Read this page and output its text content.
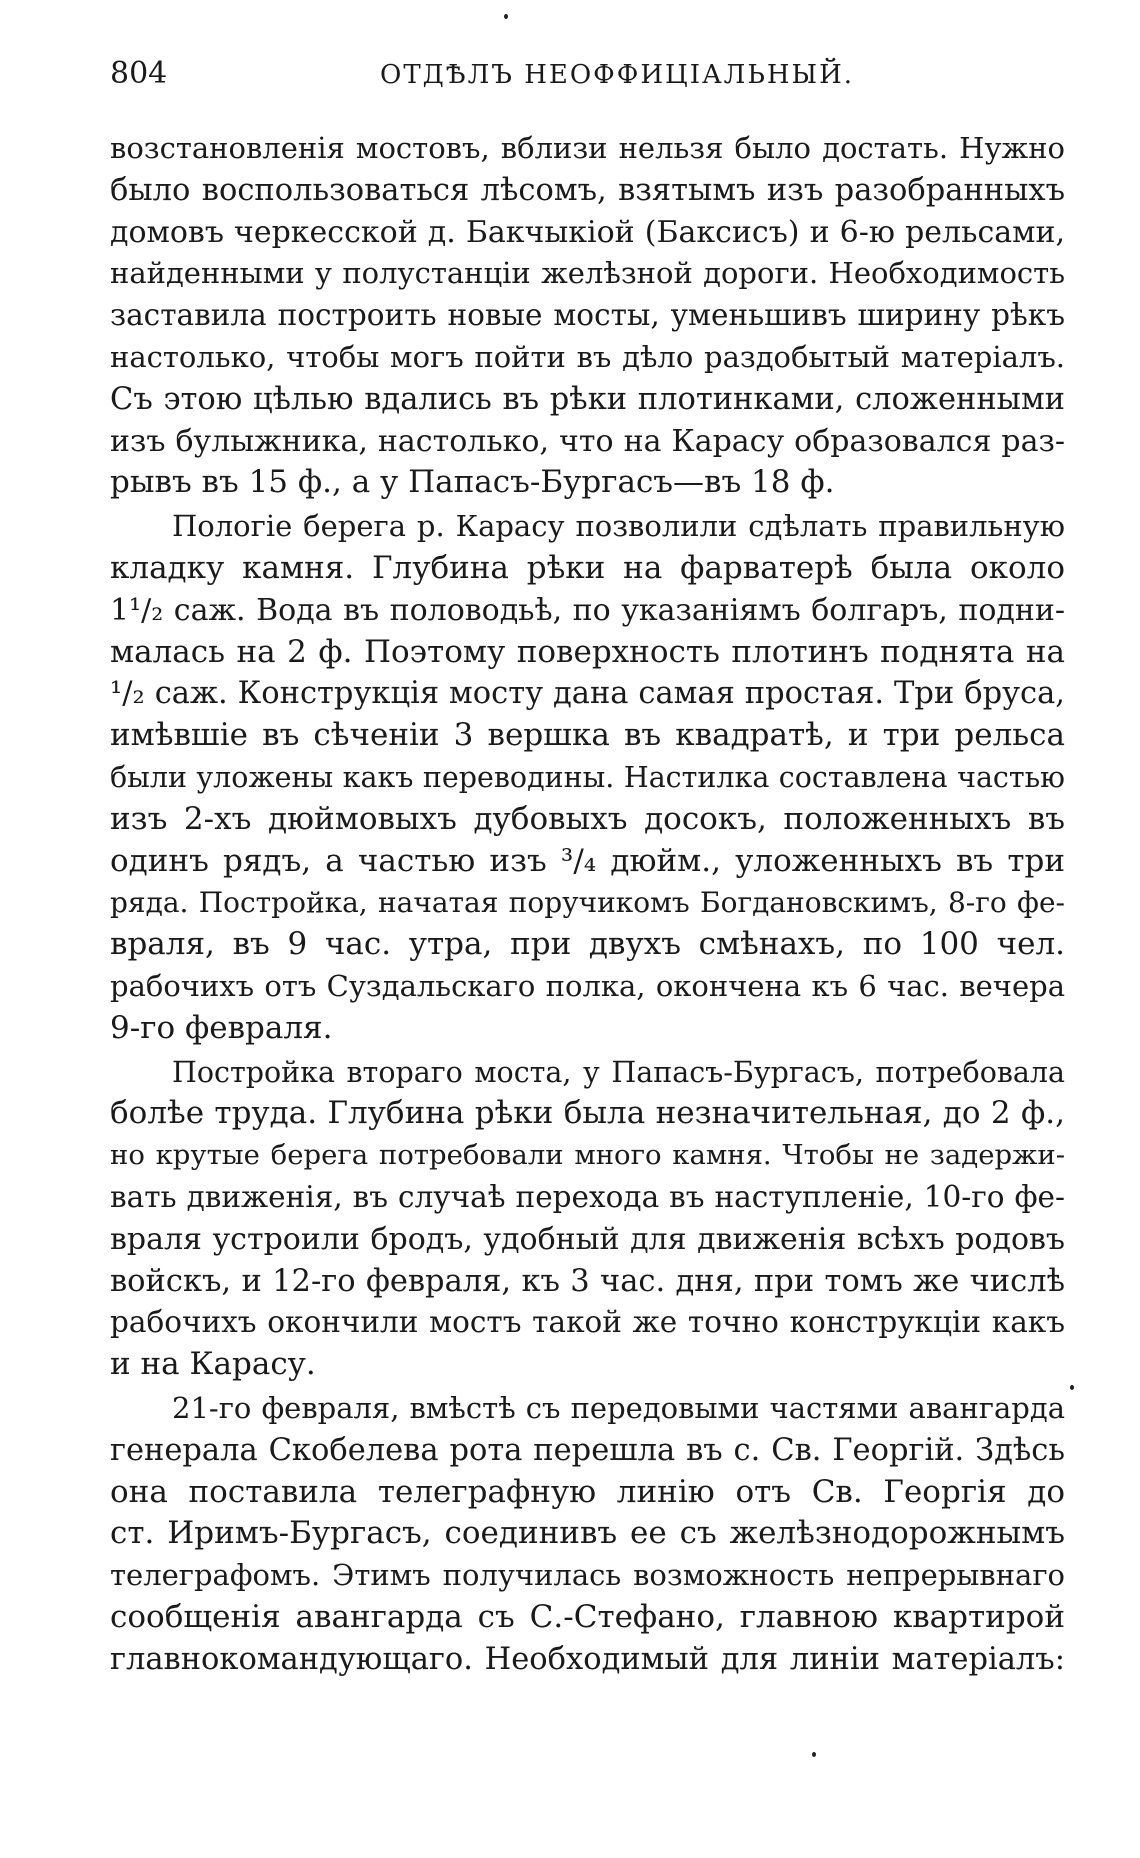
804	ОТДѢЛЪ НЕОФФИЦІАЛЬНЫЙ.

возстановленія мостовъ, вблизи нельзя было достать. Нужно
было воспользоваться лѣсомъ, взятымъ изъ разобранныхъ
домовъ черкесской д. Бакчыкіой (Баксисъ) и 6-ю рельсами,
найденными у полустанціи желѣзной дороги. Необходимость
заставила построить новые мосты, уменьшивъ ширину рѣкъ
настолько, чтобы могъ пойти въ дѣло раздобытый матеріалъ.
Съ этою цѣлью вдались въ рѣки плотинками, сложенными
изъ булыжника, настолько, что на Карасу образовался раз-
рывъ въ 15 ф., а у Папасъ-Бургасъ—въ 18 ф.

Пологіе берега р. Карасу позволили сдѣлать правильную
кладку камня. Глубина рѣки на фарватерѣ была около
1¹/₂ саж. Вода въ половодьѣ, по указаніямъ болгаръ, подни-
малась на 2 ф. Поэтому поверхность плотинъ поднята на
¹/₂ саж. Конструкція мосту дана самая простая. Три бруса,
имѣвшіе въ сѣченіи 3 вершка въ квадратѣ, и три рельса
были уложены какъ переводины. Настилка составлена частью
изъ 2-хъ дюймовыхъ дубовыхъ досокъ, положенныхъ въ
одинъ рядъ, а частью изъ ³/₄ дюйм., уложенныхъ въ три
ряда. Постройка, начатая поручикомъ Богдановскимъ, 8-го фе-
враля, въ 9 час. утра, при двухъ смѣнахъ, по 100 чел.
рабочихъ отъ Суздальскаго полка, окончена къ 6 час. вечера
9-го февраля.

Постройка втораго моста, у Папасъ-Бургасъ, потребовала
болѣе труда. Глубина рѣки была незначительная, до 2 ф.,
но крутые берега потребовали много камня. Чтобы не задержи-
вать движенія, въ случаѣ перехода въ наступленіе, 10-го фе-
враля устроили бродъ, удобный для движенія всѣхъ родовъ
войскъ, и 12-го февраля, къ 3 час. дня, при томъ же числѣ
рабочихъ окончили мостъ такой же точно конструкціи какъ
и на Карасу.

21-го февраля, вмѣстѣ съ передовыми частями авангарда
генерала Скобелева рота перешла въ с. Св. Георгій. Здѣсь
она поставила телеграфную линію отъ Св. Георгія до
ст. Иримъ-Бургасъ, соединивъ ее съ желѣзнодорожнымъ
телеграфомъ. Этимъ получилась возможность непрерывнаго
сообщенія авангарда съ С.-Стефано, главною квартирой
главнокомандующаго. Необходимый для линіи матеріалъ:
